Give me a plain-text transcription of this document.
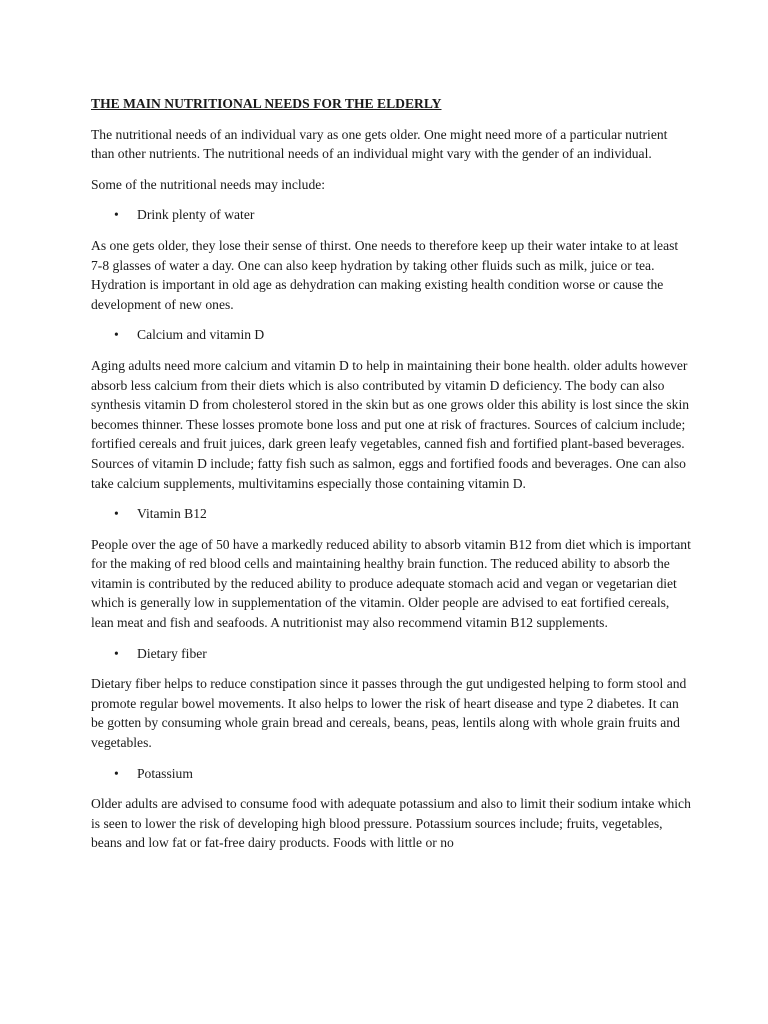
THE MAIN NUTRITIONAL NEEDS FOR THE ELDERLY

The nutritional needs of an individual vary as one gets older. One might need more of a particular nutrient than other nutrients. The nutritional needs of an individual might vary with the gender of an individual.

Some of the nutritional needs may include:

• Drink plenty of water

As one gets older, they lose their sense of thirst. One needs to therefore keep up their water intake to at least 7-8 glasses of water a day. One can also keep hydration by taking other fluids such as milk, juice or tea. Hydration is important in old age as dehydration can making existing health condition worse or cause the development of new ones.

• Calcium and vitamin D

Aging adults need more calcium and vitamin D to help in maintaining their bone health. older adults however absorb less calcium from their diets which is also contributed by vitamin D deficiency. The body can also synthesis vitamin D from cholesterol stored in the skin but as one grows older this ability is lost since the skin becomes thinner. These losses promote bone loss and put one at risk of fractures. Sources of calcium include; fortified cereals and fruit juices, dark green leafy vegetables, canned fish and fortified plant-based beverages. Sources of vitamin D include; fatty fish such as salmon, eggs and fortified foods and beverages. One can also take calcium supplements, multivitamins especially those containing vitamin D.

• Vitamin B12

People over the age of 50 have a markedly reduced ability to absorb vitamin B12 from diet which is important for the making of red blood cells and maintaining healthy brain function. The reduced ability to absorb the vitamin is contributed by the reduced ability to produce adequate stomach acid and vegan or vegetarian diet which is generally low in supplementation of the vitamin. Older people are advised to eat fortified cereals, lean meat and fish and seafoods. A nutritionist may also recommend vitamin B12 supplements.

• Dietary fiber

Dietary fiber helps to reduce constipation since it passes through the gut undigested helping to form stool and promote regular bowel movements. It also helps to lower the risk of heart disease and type 2 diabetes. It can be gotten by consuming whole grain bread and cereals, beans, peas, lentils along with whole grain fruits and vegetables.

• Potassium

Older adults are advised to consume food with adequate potassium and also to limit their sodium intake which is seen to lower the risk of developing high blood pressure. Potassium sources include; fruits, vegetables, beans and low fat or fat-free dairy products. Foods with little or no
